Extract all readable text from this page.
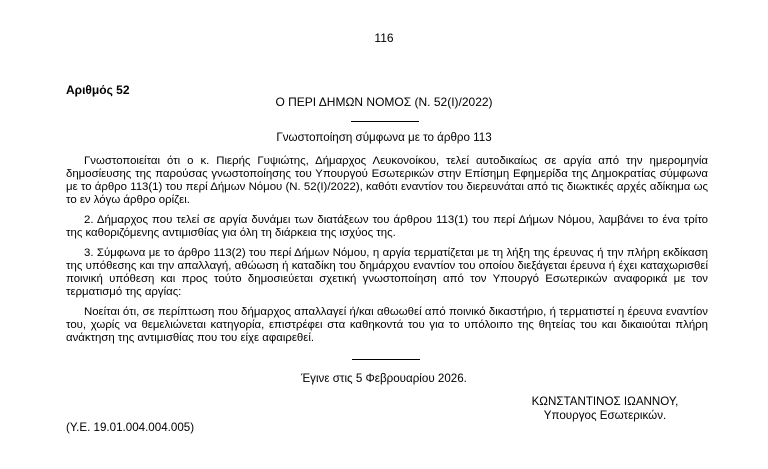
116
Αριθμός 52
Ο ΠΕΡΙ ΔΗΜΩΝ ΝΟΜΟΣ (Ν. 52(Ι)/2022)
Γνωστοποίηση σύμφωνα με το άρθρο 113

Γνωστοποιείται ότι ο κ. Πιερής Γυψιώτης, Δήμαρχος Λευκονοίκου, τελεί αυτοδικαίως σε αργία από την ημερομηνία δημοσίευσης της παρούσας γνωστοποίησης του Υπουργού Εσωτερικών στην Επίσημη Εφημερίδα της Δημοκρατίας σύμφωνα με το άρθρο 113(1) του περί Δήμων Νόμου (Ν. 52(Ι)/2022), καθότι εναντίον του διερευνάται από τις διωκτικές αρχές αδίκημα ως το εν λόγω άρθρο ορίζει.

2. Δήμαρχος που τελεί σε αργία δυνάμει των διατάξεων του άρθρου 113(1) του περί Δήμων Νόμου, λαμβάνει το ένα τρίτο της καθοριζόμενης αντιμισθίας για όλη τη διάρκεια της ισχύος της.

3. Σύμφωνα με το άρθρο 113(2) του περί Δήμων Νόμου, η αργία τερματίζεται με τη λήξη της έρευνας ή την πλήρη εκδίκαση της υπόθεσης και την απαλλαγή, αθώωση ή καταδίκη του δημάρχου εναντίον του οποίου διεξάγεται έρευνα ή έχει καταχωρισθεί ποινική υπόθεση και προς τούτο δημοσιεύεται σχετική γνωστοποίηση από τον Υπουργό Εσωτερικών αναφορικά με τον τερματισμό της αργίας:

Νοείται ότι, σε περίπτωση που δήμαρχος απαλλαγεί ή/και αθωωθεί από ποινικό δικαστήριο, ή τερματιστεί η έρευνα εναντίον του, χωρίς να θεμελιώνεται κατηγορία, επιστρέφει στα καθηκοντά του για το υπόλοιπο της θητείας του και δικαιούται πλήρη ανάκτηση της αντιμισθίας που του είχε αφαιρεθεί.

Έγινε στις 5 Φεβρουαρίου 2026.
ΚΩΝΣΤΑΝΤΙΝΟΣ ΙΩΑΝΝΟΥ,
Υπουργος Εσωτερικών.
(Υ.Ε. 19.01.004.004.005)
